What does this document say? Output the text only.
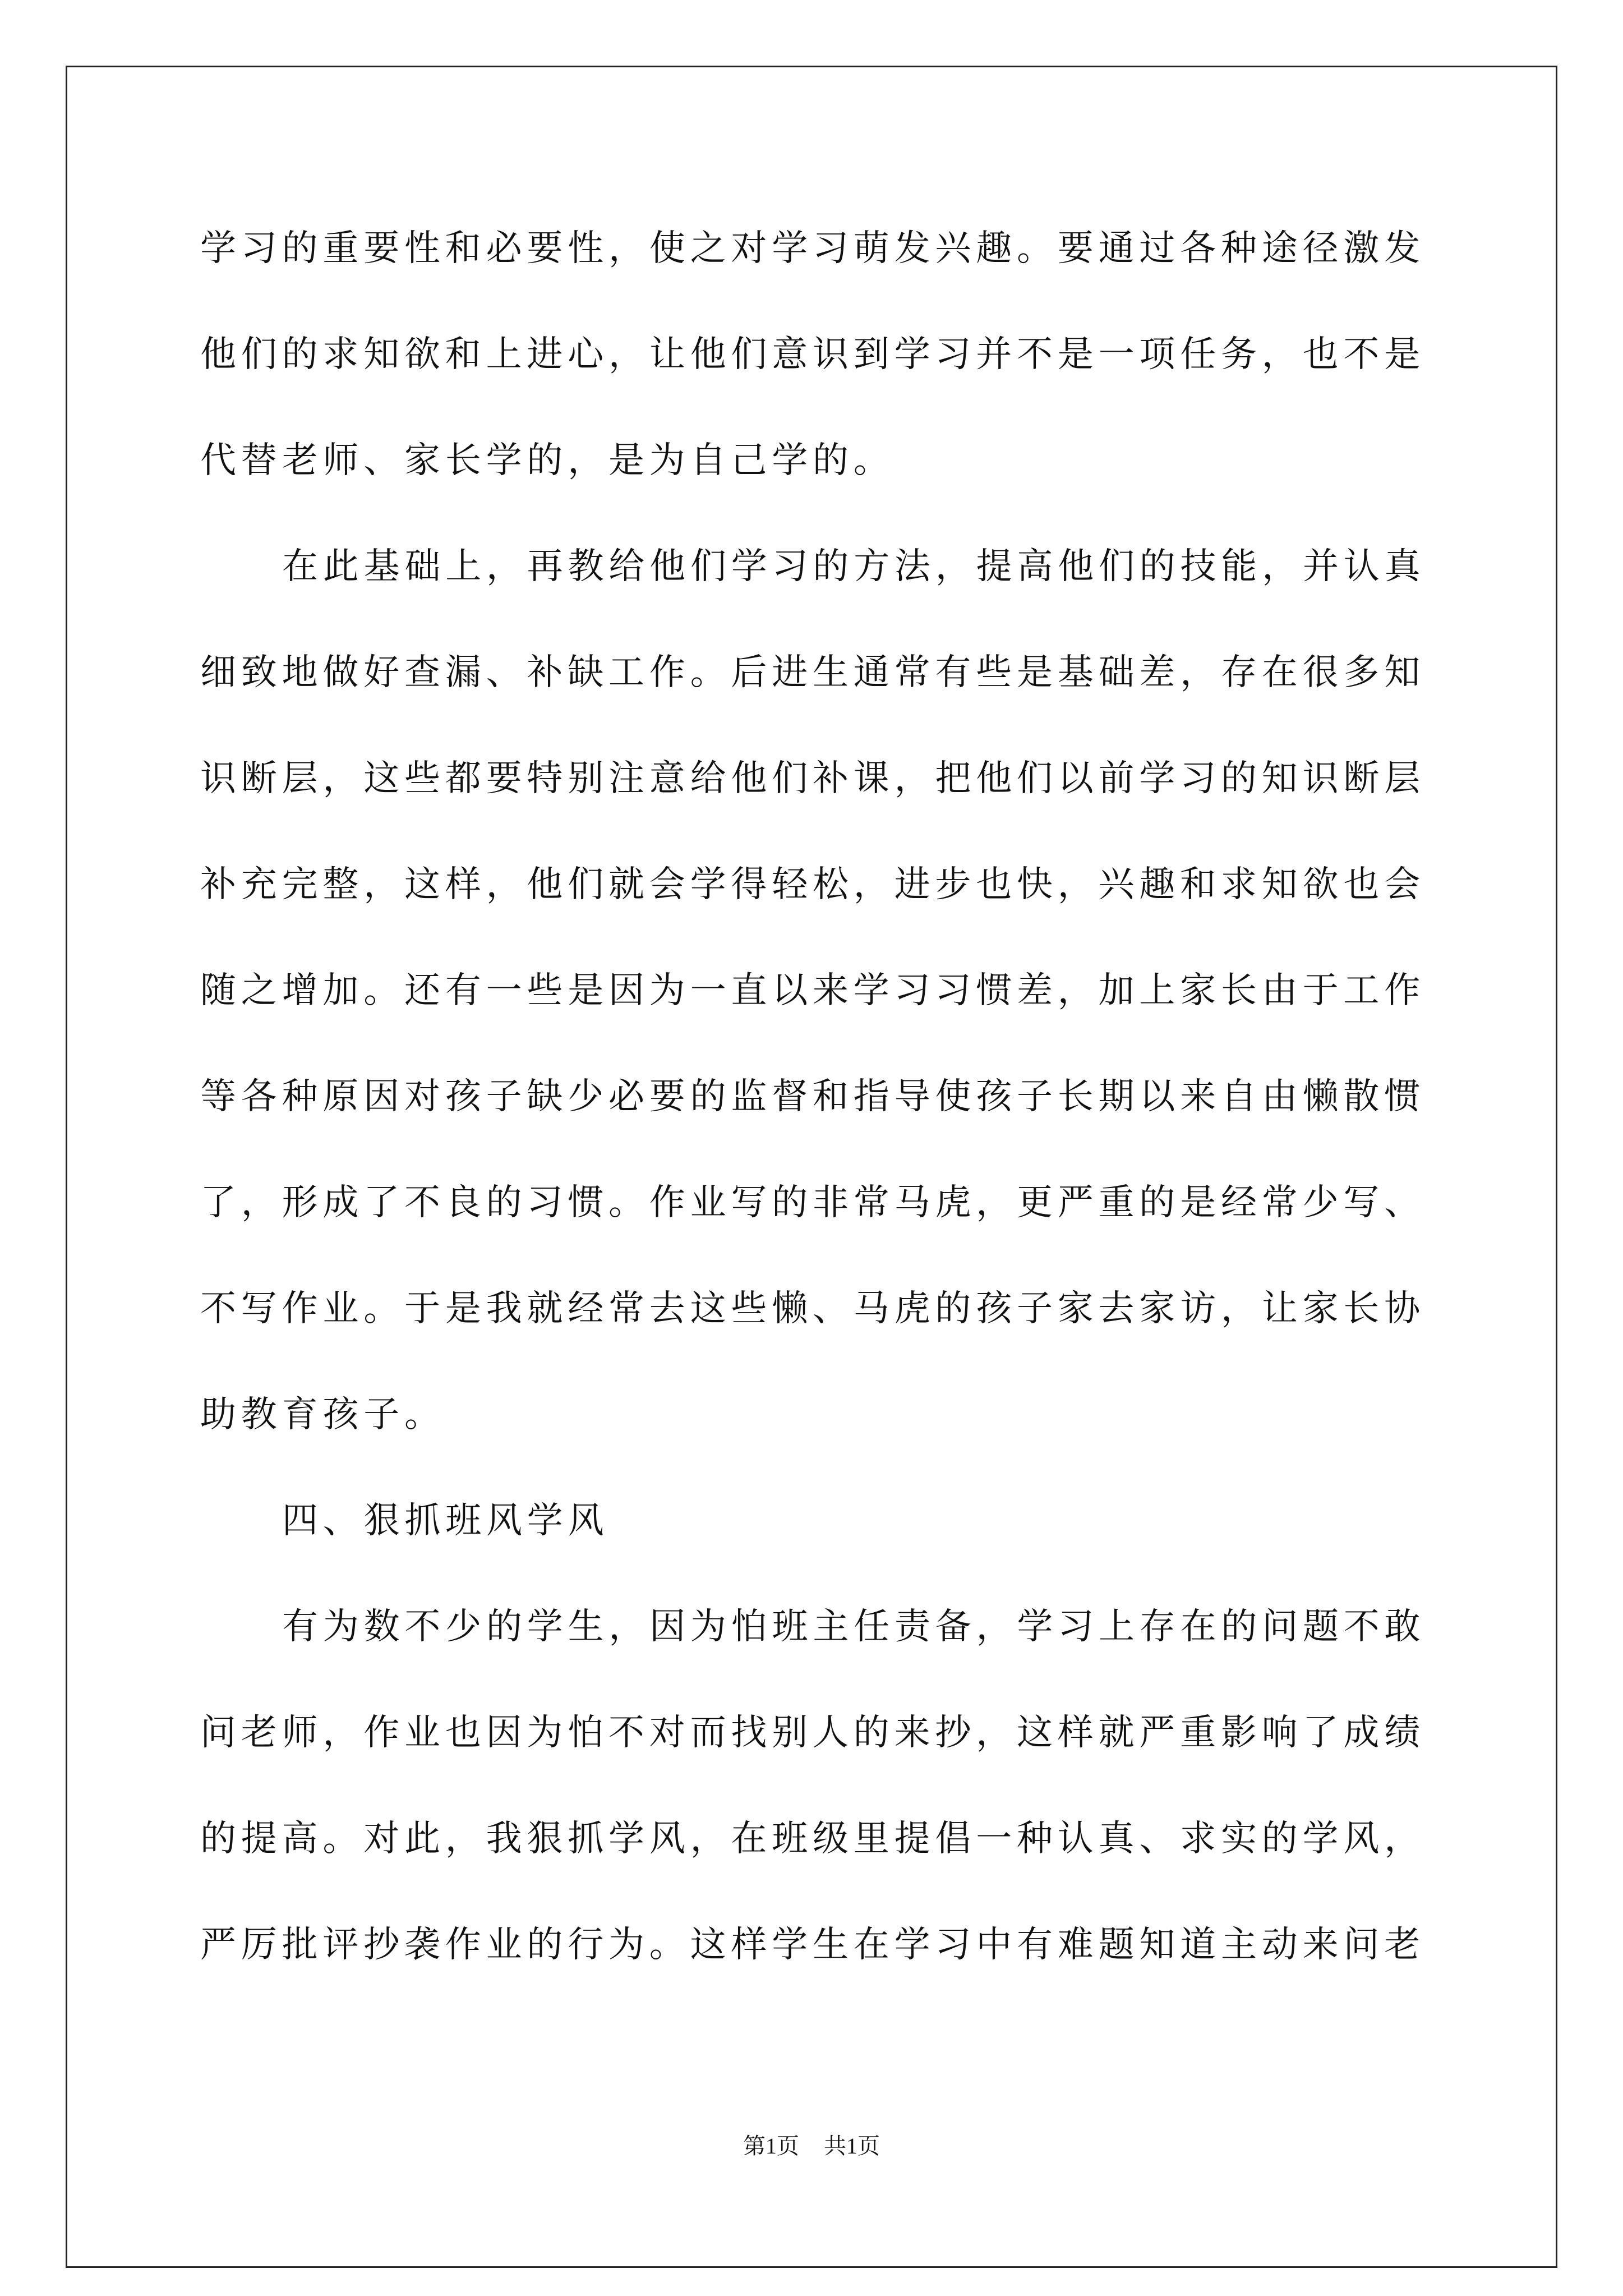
学习的重要性和必要性，使之对学习萌发兴趣。要通过各种途径激发
他们的求知欲和上进心，让他们意识到学习并不是一项任务，也不是
代替老师、家长学的，是为自己学的。
在此基础上，再教给他们学习的方法，提高他们的技能，并认真
细致地做好查漏、补缺工作。后进生通常有些是基础差，存在很多知
识断层，这些都要特别注意给他们补课，把他们以前学习的知识断层
补充完整，这样，他们就会学得轻松，进步也快，兴趣和求知欲也会
随之增加。还有一些是因为一直以来学习习惯差，加上家长由于工作
等各种原因对孩子缺少必要的监督和指导使孩子长期以来自由懒散惯
了，形成了不良的习惯。作业写的非常马虎，更严重的是经常少写、
不写作业。于是我就经常去这些懒、马虎的孩子家去家访，让家长协
助教育孩子。
四、狠抓班风学风
有为数不少的学生，因为怕班主任责备，学习上存在的问题不敢
问老师，作业也因为怕不对而找别人的来抄，这样就严重影响了成绩
的提高。对此，我狠抓学风，在班级里提倡一种认真、求实的学风，
严厉批评抄袭作业的行为。这样学生在学习中有难题知道主动来问老
第1页 共1页
